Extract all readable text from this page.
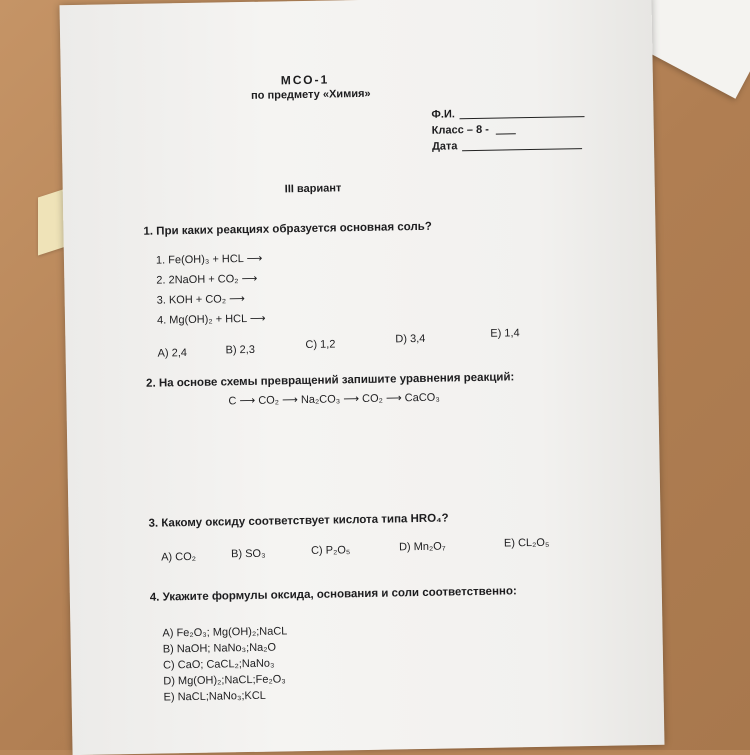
МСО-1
по предмету «Химия»
Ф.И.
Класс – 8 -
Дата
III вариант
1. При каких реакциях образуется основная соль?
1. Fe(OH)₃ + HCL ⟶
2. 2NaOH + CO₂ ⟶
3. KOH + CO₂ ⟶
4. Mg(OH)₂ + HCL ⟶
A) 2,4	B) 2,3	C) 1,2	D) 3,4	E) 1,4
2. На основе схемы превращений запишите уравнения реакций:
C ⟶ CO₂ ⟶ Na₂CO₃ ⟶ CO₂ ⟶ CaCO₃
3. Какому оксиду соответствует кислота типа HRO₄?
A) CO₂	B) SO₃	C) P₂O₅	D) Mn₂O₇	E) CL₂O₅
4. Укажите формулы оксида, основания и соли соответственно:
A) Fe₂O₃; Mg(OH)₂;NaCL
B) NaOH; NaNo₃;Na₂O
C) CaO; CaCL₂;NaNo₃
D) Mg(OH)₂;NaCL;Fe₂O₃
E) NaCL;NaNo₃;KCL
